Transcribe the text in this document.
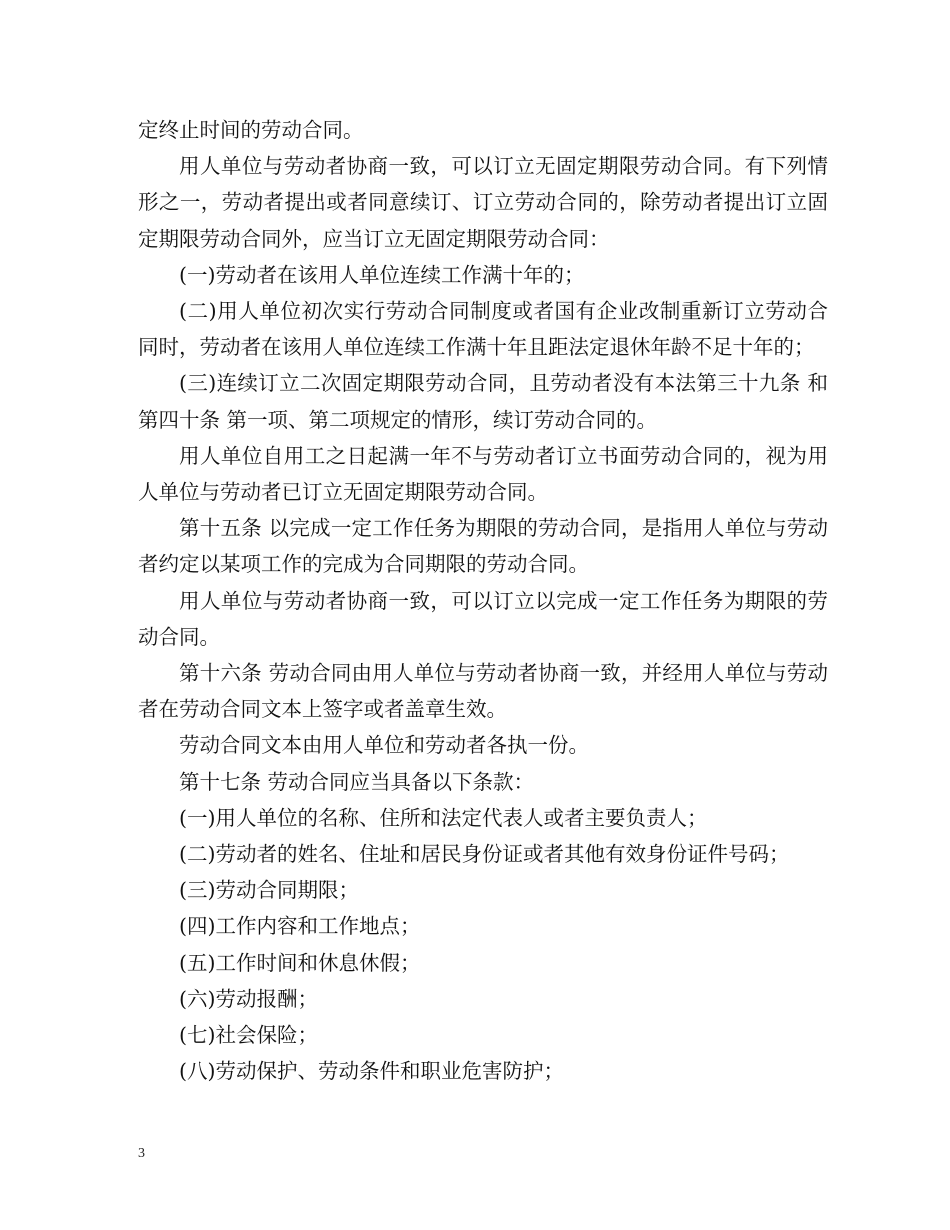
定终止时间的劳动合同。

用人单位与劳动者协商一致，可以订立无固定期限劳动合同。有下列情形之一，劳动者提出或者同意续订、订立劳动合同的，除劳动者提出订立固定期限劳动合同外，应当订立无固定期限劳动合同：

(一)劳动者在该用人单位连续工作满十年的；

(二)用人单位初次实行劳动合同制度或者国有企业改制重新订立劳动合同时，劳动者在该用人单位连续工作满十年且距法定退休年龄不足十年的；

(三)连续订立二次固定期限劳动合同，且劳动者没有本法第三十九条 和第四十条 第一项、第二项规定的情形，续订劳动合同的。

用人单位自用工之日起满一年不与劳动者订立书面劳动合同的，视为用人单位与劳动者已订立无固定期限劳动合同。

第十五条 以完成一定工作任务为期限的劳动合同，是指用人单位与劳动者约定以某项工作的完成为合同期限的劳动合同。

用人单位与劳动者协商一致，可以订立以完成一定工作任务为期限的劳动合同。

第十六条 劳动合同由用人单位与劳动者协商一致，并经用人单位与劳动者在劳动合同文本上签字或者盖章生效。

劳动合同文本由用人单位和劳动者各执一份。

第十七条 劳动合同应当具备以下条款：

(一)用人单位的名称、住所和法定代表人或者主要负责人；

(二)劳动者的姓名、住址和居民身份证或者其他有效身份证件号码；

(三)劳动合同期限；

(四)工作内容和工作地点；

(五)工作时间和休息休假；

(六)劳动报酬；

(七)社会保险；

(八)劳动保护、劳动条件和职业危害防护；

3
